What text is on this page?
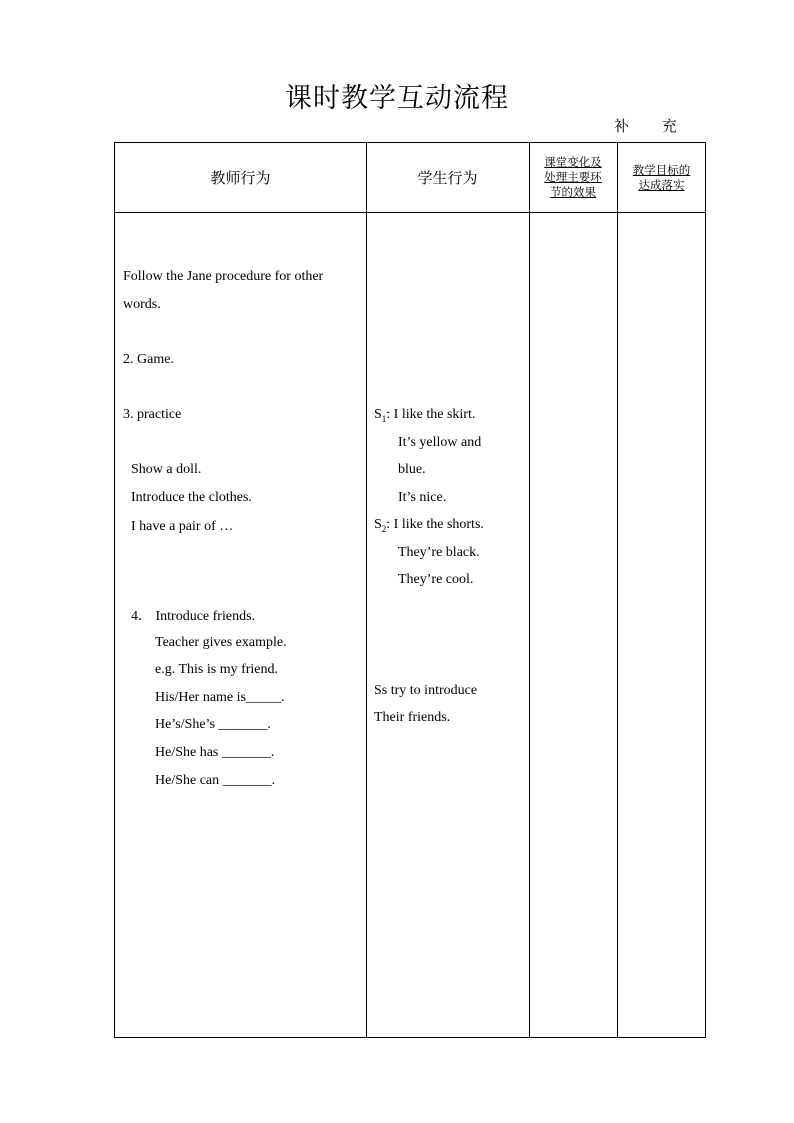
课时教学互动流程
补 充
教师行为	学生行为
课堂变化及
处理主要环
节的效果
教学目标的
达成落实
Follow the Jane procedure for other
words.
2. Game.
3. practice
Show a doll.
Introduce the clothes.
I have a pair of …
4． Introduce friends.
Teacher gives example.
e.g. This is my friend.
His/Her name is_____.
He’s/She’s _______.
He/She has _______.
He/She can _______.
$S_1$: I like the skirt.
It’s yellow and
blue.
It’s nice.
$S_2$: I like the shorts.
They’re black.
They’re cool.
Ss try to introduce
Their friends.
